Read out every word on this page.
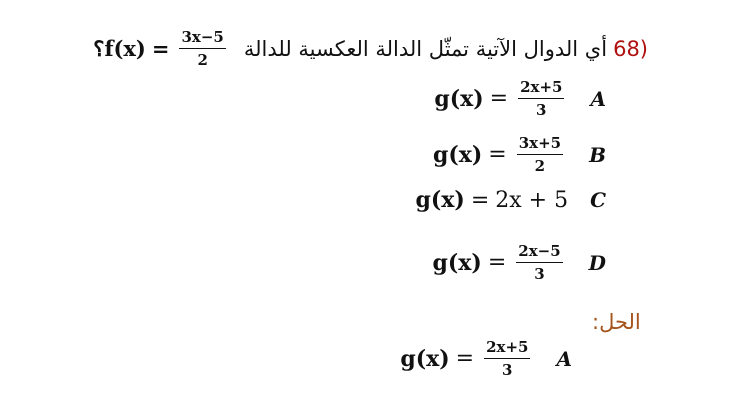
؟ $f(x) = \frac{3x-5}{2}$ أي الدوال الآتية تمثّل الدالة العكسية للدالة 68)
$g(x) = \frac{2x+5}{3}$ A
$g(x) = \frac{3x+5}{2}$ B
g(x) = 2x + 5 C
$g(x) = \frac{2x-5}{3}$ D
الحل:
$g(x) = \frac{2x+5}{3}$ A
